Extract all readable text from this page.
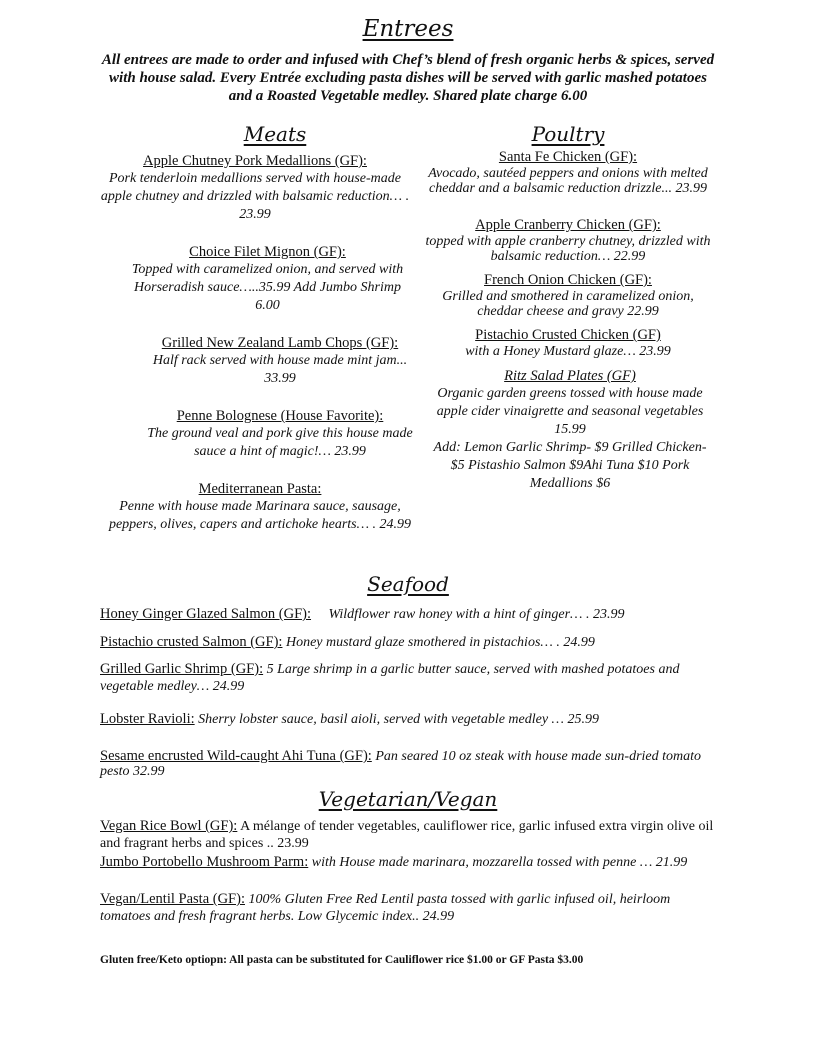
Entrees
All entrees are made to order and infused with Chef’s blend of fresh organic herbs & spices, served with house salad. Every Entrée excluding pasta dishes will be served with garlic mashed potatoes and a Roasted Vegetable medley. Shared plate charge 6.00
Meats
Apple Chutney Pork Medallions (GF):
Pork tenderloin medallions served with house-made apple chutney and drizzled with balsamic reduction… . 23.99
Choice Filet Mignon (GF):
Topped with caramelized onion, and served with Horseradish sauce…..35.99 Add Jumbo Shrimp 6.00
Grilled New Zealand Lamb Chops (GF):
Half rack served with house made mint jam... 33.99
Penne Bolognese (House Favorite):
The ground veal and pork give this house made sauce a hint of magic!… 23.99
Mediterranean Pasta:
Penne with house made Marinara sauce, sausage, peppers, olives, capers and artichoke hearts… . 24.99
Poultry
Santa Fe Chicken (GF):
Avocado, sautéed peppers and onions with melted cheddar and a balsamic reduction drizzle... 23.99
Apple Cranberry Chicken (GF):
topped with apple cranberry chutney, drizzled with balsamic reduction… 22.99
French Onion Chicken (GF):
Grilled and smothered in caramelized onion, cheddar cheese and gravy 22.99
Pistachio Crusted Chicken (GF)
with a Honey Mustard glaze… 23.99
Ritz Salad Plates (GF)
Organic garden greens tossed with house made apple cider vinaigrette and seasonal vegetables 15.99
Add: Lemon Garlic Shrimp- $9 Grilled Chicken- $5 Pistashio Salmon $9Ahi Tuna $10 Pork Medallions $6
Seafood
Honey Ginger Glazed Salmon (GF): Wildflower raw honey with a hint of ginger… . 23.99
Pistachio crusted Salmon (GF): Honey mustard glaze smothered in pistachios… . 24.99
Grilled Garlic Shrimp (GF): 5 Large shrimp in a garlic butter sauce, served with mashed potatoes and vegetable medley… 24.99
Lobster Ravioli: Sherry lobster sauce, basil aioli, served with vegetable medley … 25.99
Sesame encrusted Wild-caught Ahi Tuna (GF): Pan seared 10 oz steak with house made sun-dried tomato pesto 32.99
Vegetarian/Vegan
Vegan Rice Bowl (GF): A mélange of tender vegetables, cauliflower rice, garlic infused extra virgin olive oil and fragrant herbs and spices .. 23.99
Jumbo Portobello Mushroom Parm: with House made marinara, mozzarella tossed with penne … 21.99
Vegan/Lentil Pasta (GF): 100% Gluten Free Red Lentil pasta tossed with garlic infused oil, heirloom tomatoes and fresh fragrant herbs. Low Glycemic index.. 24.99
Gluten free/Keto optiopn: All pasta can be substituted for Cauliflower rice $1.00 or GF Pasta $3.00
